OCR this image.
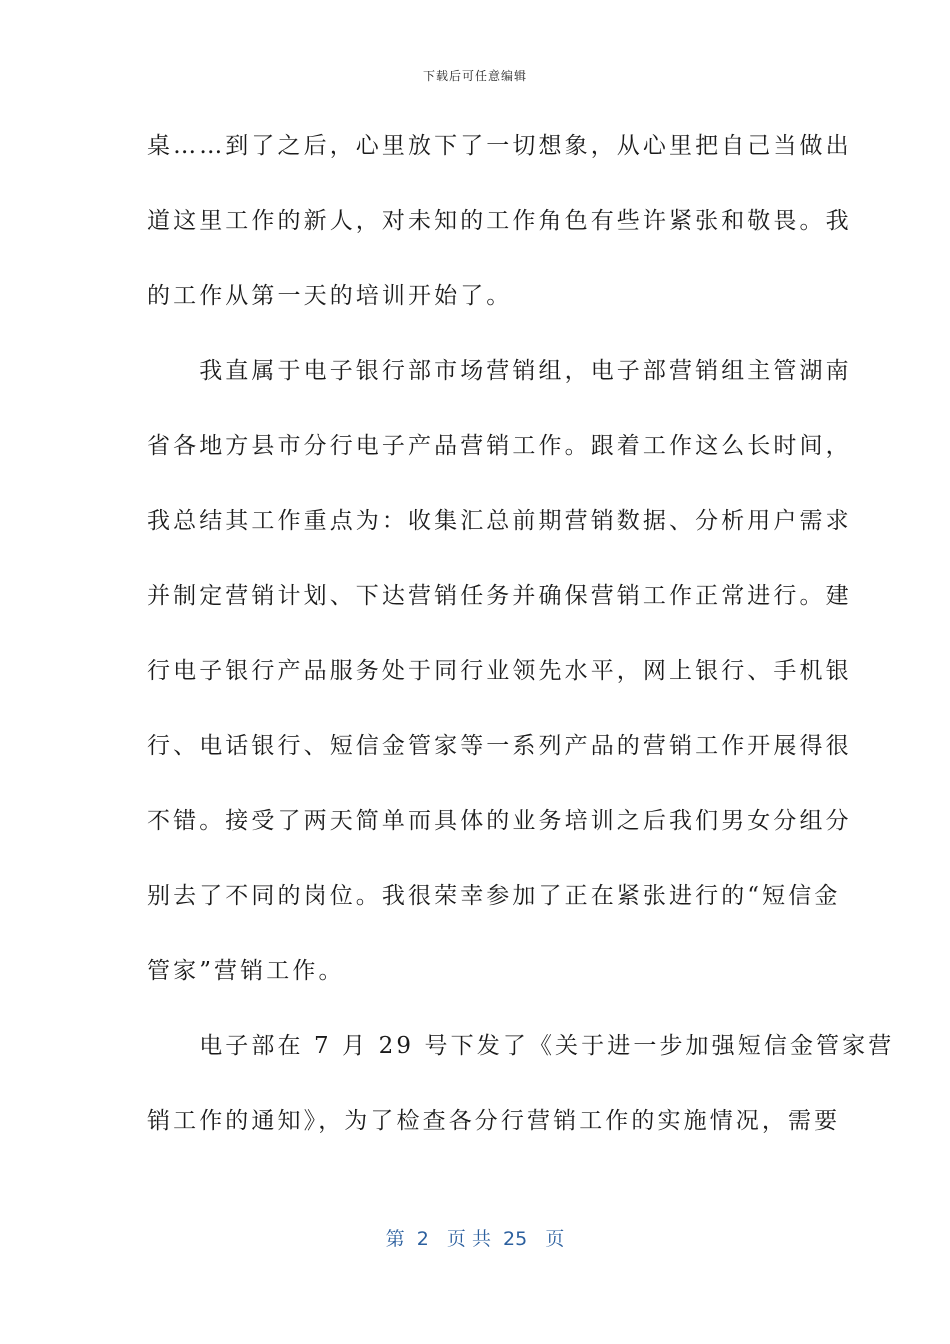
下载后可任意编辑
桌……到了之后，心里放下了一切想象，从心里把自己当做出
道这里工作的新人，对未知的工作角色有些许紧张和敬畏。我
的工作从第一天的培训开始了。
　　我直属于电子银行部市场营销组，电子部营销组主管湖南
省各地方县市分行电子产品营销工作。跟着工作这么长时间，
我总结其工作重点为：收集汇总前期营销数据、分析用户需求
并制定营销计划、下达营销任务并确保营销工作正常进行。建
行电子银行产品服务处于同行业领先水平，网上银行、手机银
行、电话银行、短信金管家等一系列产品的营销工作开展得很
不错。接受了两天简单而具体的业务培训之后我们男女分组分
别去了不同的岗位。我很荣幸参加了正在紧张进行的“短信金
管家”营销工作。
　　电子部在 7 月 29 号下发了《关于进一步加强短信金管家营
销工作的通知》，为了检查各分行营销工作的实施情况，需要
第  2   页 共  25   页
